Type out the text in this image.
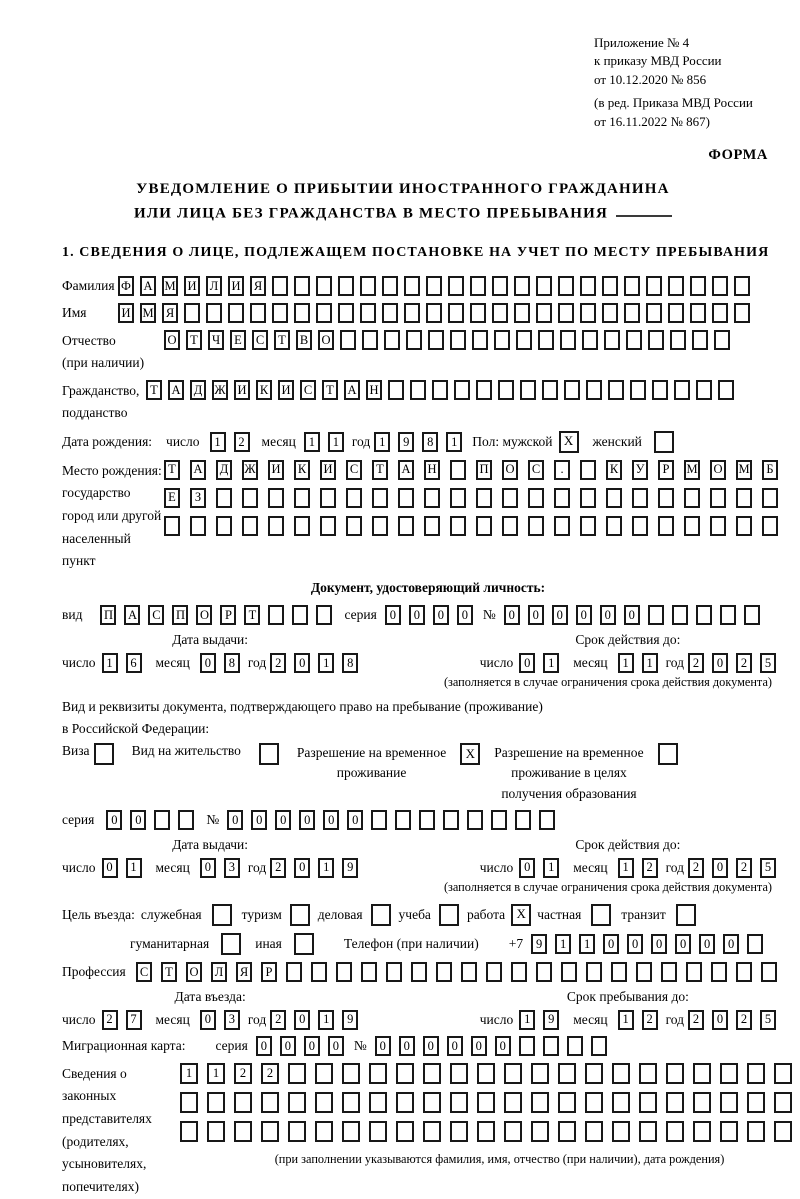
Приложение № 4
к приказу МВД России
от 10.12.2020 № 856
(в ред. Приказа МВД России
от 16.11.2022 № 867)
ФОРМА
УВЕДОМЛЕНИЕ О ПРИБЫТИИ ИНОСТРАННОГО ГРАЖДАНИНА
ИЛИ ЛИЦА БЕЗ ГРАЖДАНСТВА В МЕСТО ПРЕБЫВАНИЯ
1. СВЕДЕНИЯ О ЛИЦЕ, ПОДЛЕЖАЩЕМ ПОСТАНОВКЕ НА УЧЕТ ПО МЕСТУ ПРЕБЫВАНИЯ
Фамилия Ф А М И	Л	И	Я
Имя	И М Я
Отчество
(при наличии)
О	Т	Ч	Е	С	Т	В	О
Гражданство,
подданство
Т	А Д Ж И	К	И	С	Т	А Н
Дата рождения: число	1	2	месяц	1	1 год 1	9	8	1	Пол: мужской X	женский
Место рождения:
государство
город или другой
населенный пункт
Т	А Д Ж И	К	И	С	Т	А Н	П О	С	.	К	У	Р	М О М	Б
Е	З
Документ, удостоверяющий личность:
вид П А	С	П О	Р	Т	серия	0	0	0	0	№	0	0	0	0	0	0
Дата выдачи:
число 1	6	месяц	0	8 год 2	0	1	8
Срок действия до:
число 0	1	месяц	1	1 год 2	0	2	5
(заполняется в случае ограничения срока действия документа)
Вид и реквизиты документа, подтверждающего право на пребывание (проживание)
в Российской Федерации:
Виза	Вид на жительство	Разрешение на временное
проживание
X	Разрешение на временное
проживание в целях
получения образования
серия	0	0	№	0	0	0	0	0	0
Дата выдачи:
число 0	1	месяц	0	3 год 2	0	1	9
Срок действия до:
число 0	1	месяц	1	2 год 2	0	2	5
(заполняется в случае ограничения срока действия документа)
Цель въезда: служебная	туризм	деловая	учеба	работа X частная	транзит
гуманитарная	иная	Телефон (при наличии) +7	9	1	1	0	0	0	0	0	0
Профессия	С	Т	О	Л	Я	Р
Дата въезда:
число 2	7	месяц	0	3 год 2	0	1	9
Срок пребывания до:
число 1	9	месяц	1	2 год 2	0	2	5
Миграционная карта: серия	0	0	0	0	№	0	0	0	0	0	0
Сведения о
законных
представителях
(родителях,
усыновителях,
попечителях)
1	1	2	2
(при заполнении указываются фамилия, имя, отчество (при наличии), дата рождения)
